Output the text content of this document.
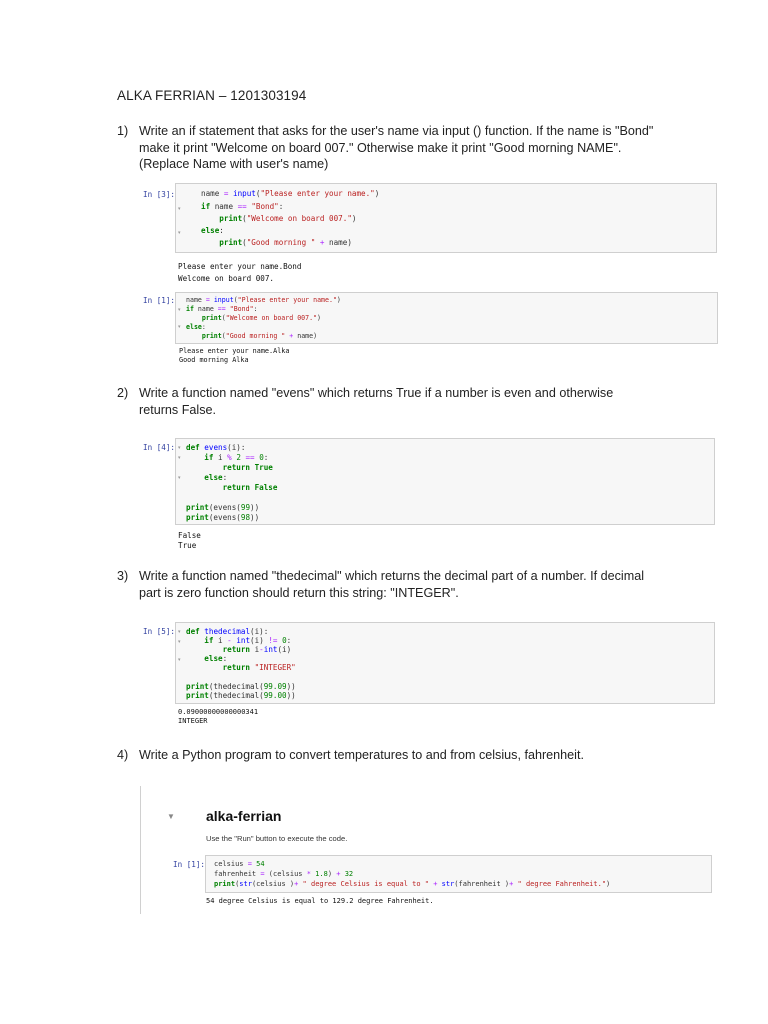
ALKA FERRIAN – 1201303194
1) Write an if statement that asks for the user's name via input () function. If the name is "Bond" make it print "Welcome on board 007." Otherwise make it print "Good morning NAME". (Replace Name with user's name)
In [3]:
▾
▾
name = input("Please enter your name.")
if name == "Bond":
print("Welcome on board 007.")
else:
print("Good morning " + name)
Please enter your name.Bond
Welcome on board 007.
In [1]:
▾
▾
name = input("Please enter your name.")
if name == "Bond":
print("Welcome on board 007.")
else:
print("Good morning " + name)
Please enter your name.Alka
Good morning Alka
2) Write a function named "evens" which returns True if a number is even and otherwise returns False.
In [4]: ▾
▾
▾
def evens(i):
if i % 2 == 0:
return True
else:
return False
print(evens(99))
print(evens(98))
False
True
3) Write a function named "thedecimal" which returns the decimal part of a number. If decimal part is zero function should return this string: "INTEGER".
In [5]: ▾
▾
▾
def thedecimal(i):
if i - int(i) != 0:
return i-int(i)
else:
return "INTEGER"
print(thedecimal(99.09))
print(thedecimal(99.00))
0.09000000000000341
INTEGER
4) Write a Python program to convert temperatures to and from celsius, fahrenheit.
▼ alka-ferrian
Use the "Run" button to execute the code.
In [1]: celsius = 54
fahrenheit = (celsius * 1.8) + 32
print(str(celsius )+ " degree Celsius is equal to " + str(fahrenheit )+ " degree Fahrenheit.")
54 degree Celsius is equal to 129.2 degree Fahrenheit.
